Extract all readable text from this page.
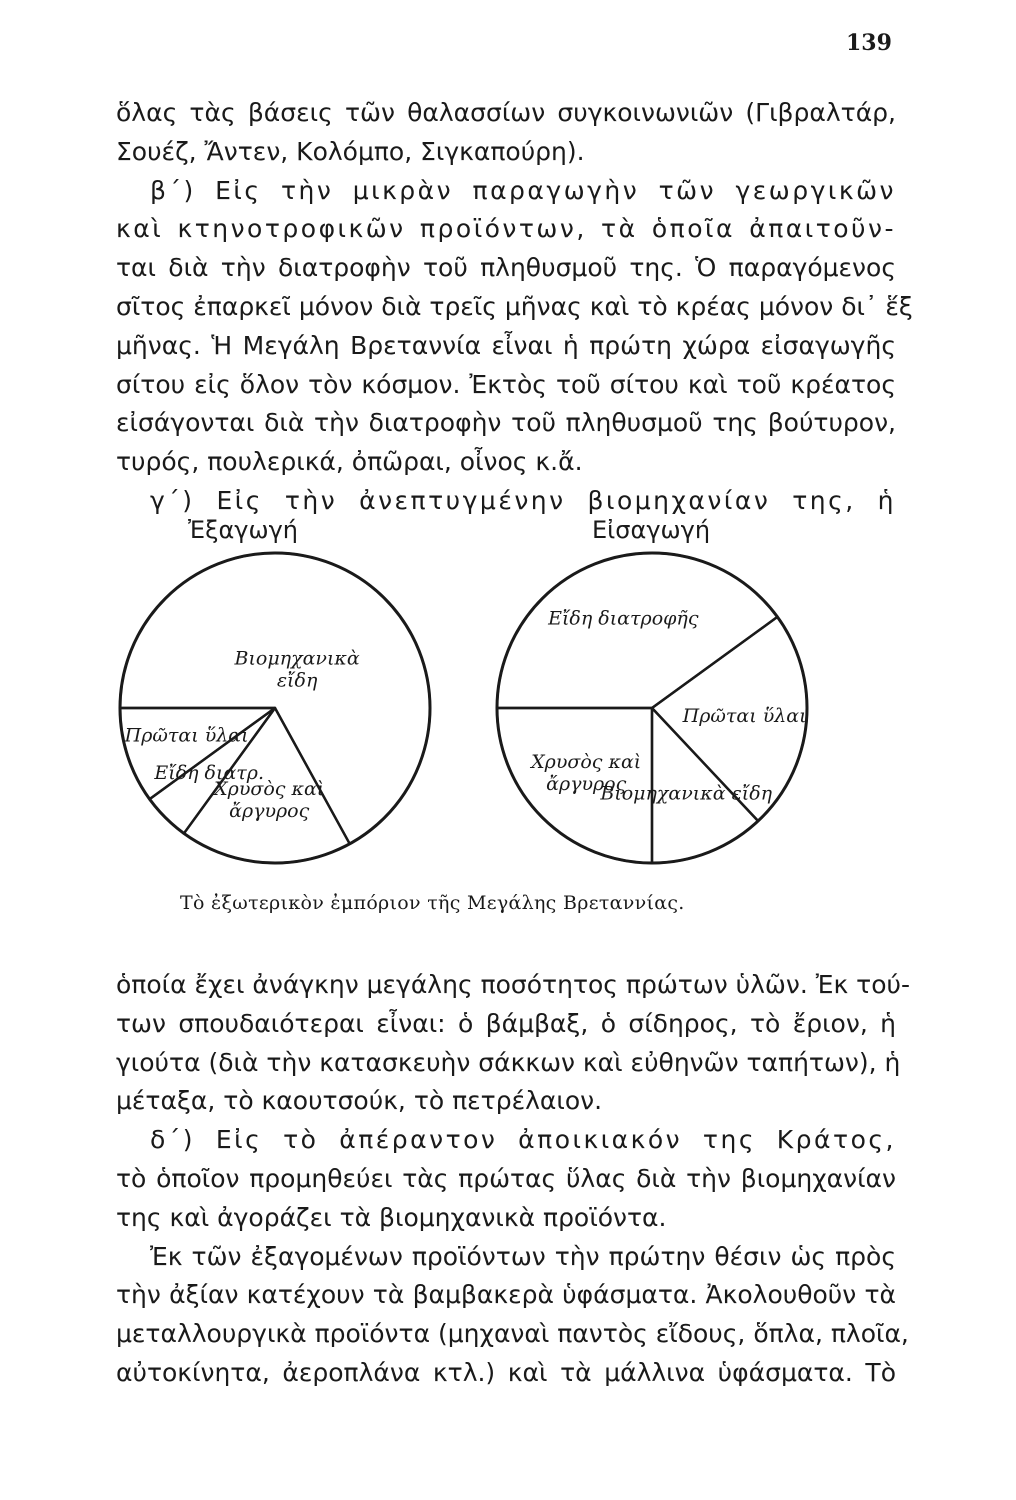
139
ὅλας τὰς βάσεις τῶν θαλασσίων συγκοινωνιῶν (Γιβραλτάρ,
Σουέζ, Ἄντεν, Κολόμπο, Σιγκαπούρη).
β΄) Εἰς τὴν μικρὰν παραγωγὴν τῶν γεωργικῶν
καὶ κτηνοτροφικῶν προϊόντων, τὰ ὁποῖα ἀπαιτοῦν-
ται διὰ τὴν διατροφὴν τοῦ πληθυσμοῦ της. Ὁ παραγόμενος
σῖτος ἐπαρκεῖ μόνον διὰ τρεῖς μῆνας καὶ τὸ κρέας μόνον δι᾽ ἕξ
μῆνας. Ἡ Μεγάλη Βρεταννία εἶναι ἡ πρώτη χώρα εἰσαγωγῆς
σίτου εἰς ὅλον τὸν κόσμον. Ἐκτὸς τοῦ σίτου καὶ τοῦ κρέατος
εἰσάγονται διὰ τὴν διατροφὴν τοῦ πληθυσμοῦ της βούτυρον,
τυρός, πουλερικά, ὀπῶραι, οἶνος κ.ἄ.
γ΄) Εἰς τὴν ἀνεπτυγμένην βιομηχανίαν της, ἡ
Ἐξαγωγή	Εἰσαγωγή
Βιομηχανικὰ εἴδη
Χρυσὸς καὶ ἄργυρος
Εἴδη διατρ.
Πρῶται ὕλαι
Εἴδη διατροφῆς
Πρῶται ὕλαι
Βιομηχανικὰ εἴδη
Χρυσὸς καὶ ἄργυρος
Τὸ ἐξωτερικὸν ἐμπόριον τῆς Μεγάλης Βρεταννίας.
ὁποία ἔχει ἀνάγκην μεγάλης ποσότητος πρώτων ὑλῶν. Ἐκ τού-
των σπουδαιότεραι εἶναι: ὁ βάμβαξ, ὁ σίδηρος, τὸ ἔριον, ἡ
γιούτα (διὰ τὴν κατασκευὴν σάκκων καὶ εὐθηνῶν ταπήτων), ἡ
μέταξα, τὸ καουτσούκ, τὸ πετρέλαιον.
δ΄) Εἰς τὸ ἀπέραντον ἀποικιακόν της Κράτος,
τὸ ὁποῖον προμηθεύει τὰς πρώτας ὕλας διὰ τὴν βιομηχανίαν
της καὶ ἀγοράζει τὰ βιομηχανικὰ προϊόντα.
Ἐκ τῶν ἐξαγομένων προϊόντων τὴν πρώτην θέσιν ὡς πρὸς
τὴν ἀξίαν κατέχουν τὰ βαμβακερὰ ὑφάσματα. Ἀκολουθοῦν τὰ
μεταλλουργικὰ προϊόντα (μηχαναὶ παντὸς εἴδους, ὅπλα, πλοῖα,
αὐτοκίνητα, ἀεροπλάνα κτλ.) καὶ τὰ μάλλινα ὑφάσματα. Τὸ
